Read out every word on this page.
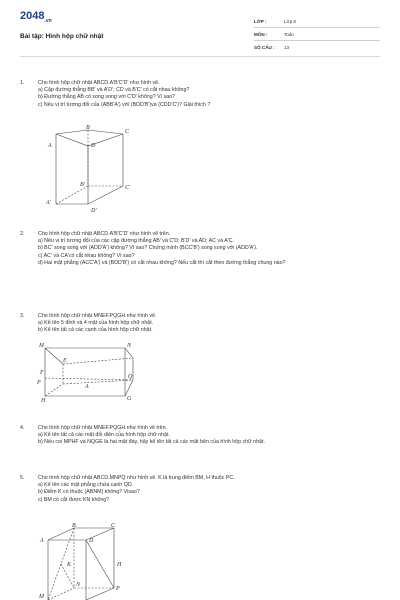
$2048_{.vn}$
Bài tập: Hình hộp chữ nhật
LỚP :	Lớp 8
MÔN :	Toán
SỐ CÂU : 13
1.	Cho hình hộp chữ nhật ABCD.A'B'C'D' như hình vẽ.
a) Cặp đường thẳng BB' và A'D'; CD và B'C' có cắt nhau không?
b) Đường thẳng AB có song song với C'D' không? Vì sao?
c) Nêu vị trí tương đối của (ABB'A') với (BDD'B')và (CDD'C')? Giải thích ?
B
C
A	D
B'	C'
A'
D'
2.	Cho hình hộp chữ nhật ABCD.A'B'C'D' như hình vẽ trên.
a) Nêu vị trí tương đối của các cặp đường thẳng AB' và C'D; B'D' và AD; AC và A'C.
b) BC' song song với (ADD'A') không? Vì sao? Chứng minh (BCC'B') song song với (ADD'A').
c) AC' và CA'có cắt nhau không? Vì sao?
d) Hai mặt phẳng (ACC'A') và (BDD'B') có cắt nhau không? Nếu cắt thì cắt theo đường thẳng chung nào?
3.	Cho hình hộp chữ nhật MNEF.PQGH như hình vẽ.
a) Kể tên 5 đỉnh và 4 mặt của hình hộp chữ nhật.
b) Kể tên tất cả các cạnh của hình hộp chữ nhật.
M	N
E
F
P
Q
A
H	G
4.	Cho hình hộp chữ nhật MNEF.PQGH như hình vẽ trên.
a) Kể tên tất cả các mặt đối diện của hình hộp chữ nhật.
b) Nếu coi MPHF và NQGE là hai mặt đáy, hãy kể tên tất cả các mặt bên của hình hộp chữ nhật.
5.	Cho hình hộp chữ nhật ABCD.MNPQ như hình vẽ. K là trung điểm BM, H thuộc PC.
a) Kể tên các mặt phẳng chứa cạnh QD.
b) Điểm K có thuộc (ABNM) không? Visao?
c) BM có cắt được KN không?
B	C
A	D
K	H
N
P
M
